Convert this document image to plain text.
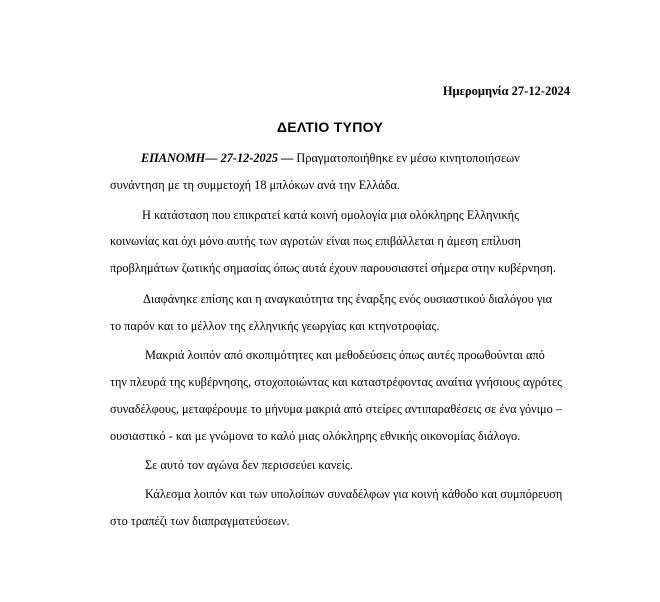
Ημερομηνία 27-12-2024
ΔΕΛΤΙΟ ΤΥΠΟΥ
ΕΠΑΝΟΜΗ— 27-12-2025 — Πραγματοποιήθηκε εν μέσω κινητοποιήσεων
συνάντηση με τη συμμετοχή 18 μπλόκων ανά την Ελλάδα.
Η κατάσταση που επικρατεί κατά κοινή ομολογία μια ολόκληρης Ελληνικής
κοινωνίας και όχι μόνο αυτής των αγροτών είναι πως επιβάλλεται η άμεση επίλυση
προβλημάτων ζωτικής σημασίας όπως αυτά έχουν παρουσιαστεί σήμερα στην κυβέρνηση.
Διαφάνηκε επίσης και η αναγκαιότητα της έναρξης ενός ουσιαστικού διαλόγου για
το παρόν και το μέλλον της ελληνικής γεωργίας και κτηνοτροφίας.
Μακριά λοιπόν από σκοπιμότητες και μεθοδεύσεις όπως αυτές προωθούνται από
την πλευρά της κυβέρνησης, στοχοποιώντας και καταστρέφοντας αναίτια γνήσιους αγρότες
συναδέλφους, μεταφέρουμε το μήνυμα μακριά από στείρες αντιπαραθέσεις σε ένα γόνιμο –
ουσιαστικό - και με γνώμονα το καλό μιας ολόκληρης εθνικής οικονομίας διάλογο.
Σε αυτό τον αγώνα δεν περισσεύει κανείς.
Κάλεσμα λοιπόν και των υπολοίπων συναδέλφων για κοινή κάθοδο και συμπόρευση
στο τραπέζι των διαπραγματεύσεων.
